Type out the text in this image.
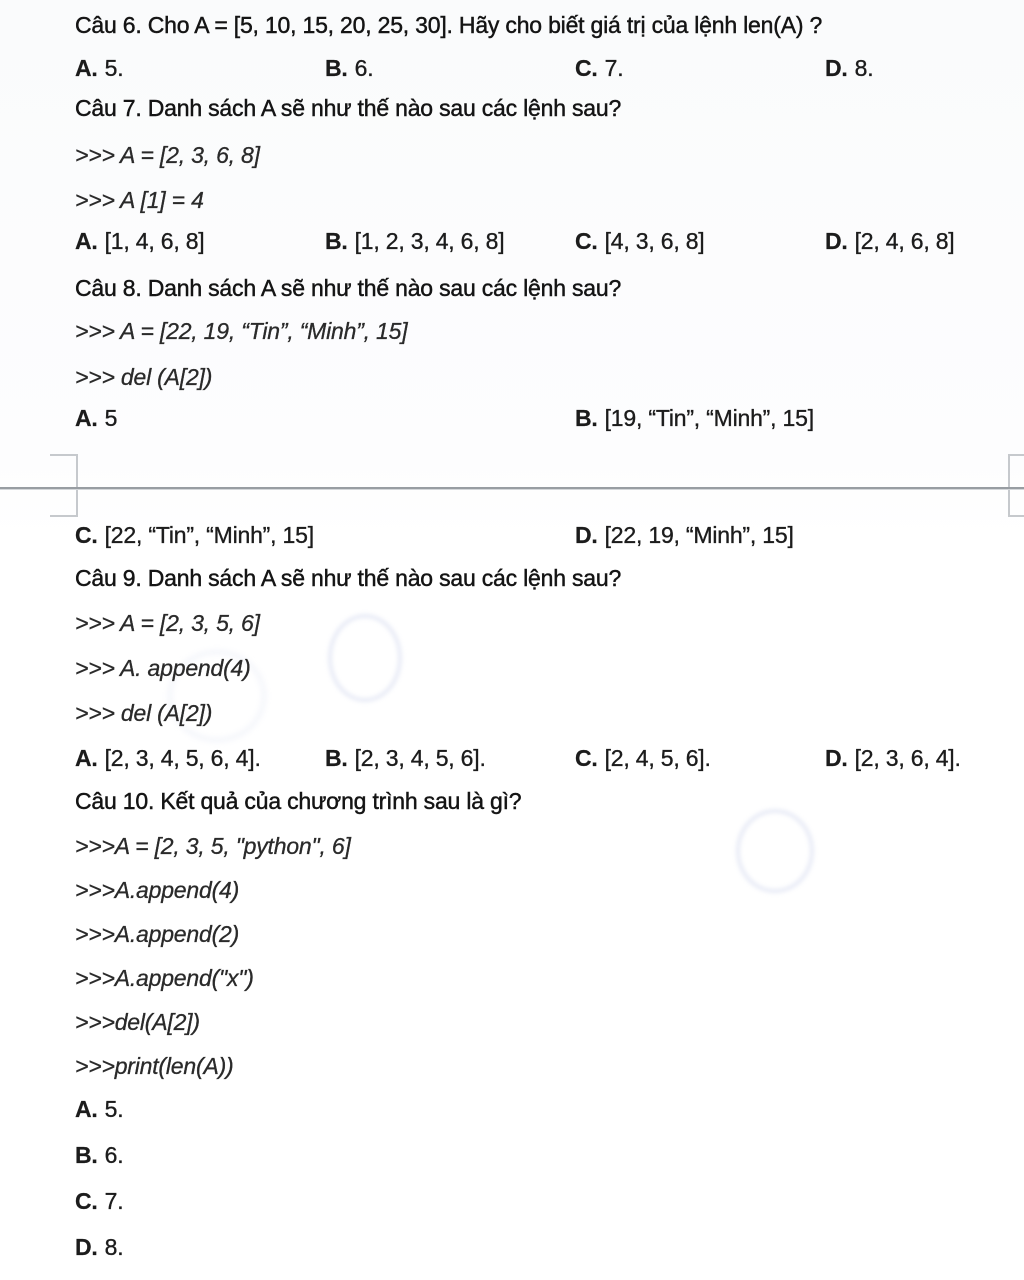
Câu 6. Cho A = [5, 10, 15, 20, 25, 30]. Hãy cho biết giá trị của lệnh len(A) ?
A. 5.	B. 6.	C. 7.	D. 8.
Câu 7. Danh sách A sẽ như thế nào sau các lệnh sau?
>>> A = [2, 3, 6, 8]
>>> A [1] = 4
A. [1, 4, 6, 8]	B. [1, 2, 3, 4, 6, 8]	C. [4, 3, 6, 8]	D. [2, 4, 6, 8]
Câu 8. Danh sách A sẽ như thế nào sau các lệnh sau?
>>> A = [22, 19, “Tin”, “Minh”, 15]
>>> del (A[2])
A. 5	B. [19, “Tin”, “Minh”, 15]
C. [22, “Tin”, “Minh”, 15]	D. [22, 19, “Minh”, 15]
Câu 9. Danh sách A sẽ như thế nào sau các lệnh sau?
>>> A = [2, 3, 5, 6]
>>> A. append(4)
>>> del (A[2])
A. [2, 3, 4, 5, 6, 4].	B. [2, 3, 4, 5, 6].	C. [2, 4, 5, 6].	D. [2, 3, 6, 4].
Câu 10. Kết quả của chương trình sau là gì?
>>>A = [2, 3, 5, "python", 6]
>>>A.append(4)
>>>A.append(2)
>>>A.append("x")
>>>del(A[2])
>>>print(len(A))
A. 5.
B. 6.
C. 7.
D. 8.
